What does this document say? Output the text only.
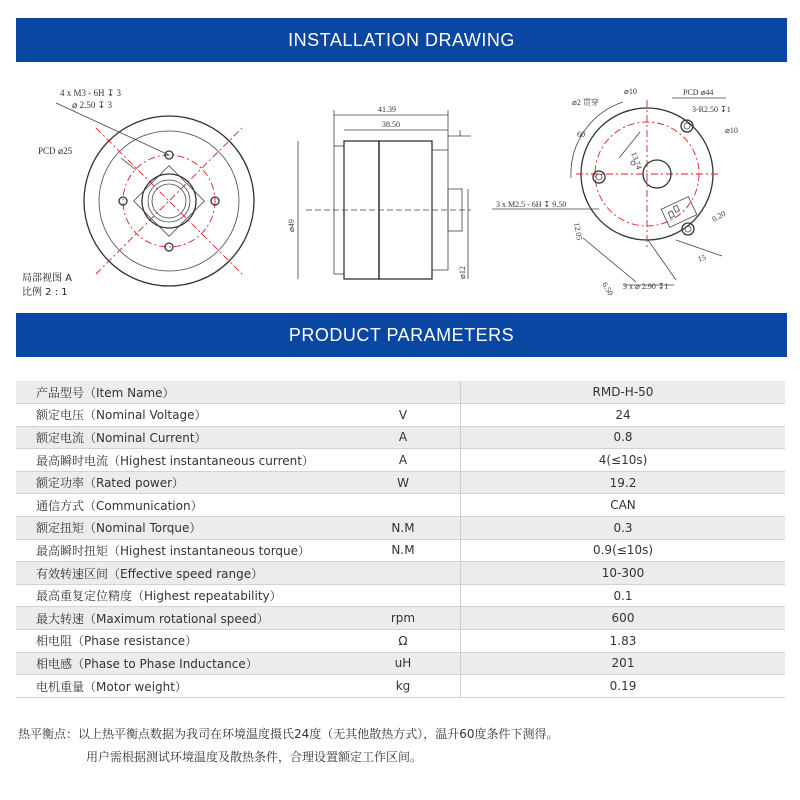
INSTALLATION DRAWING
4 x M3 - 6H ↧ 3
⌀ 2.50 ↧ 3
PCD ⌀25
41.39
38.50
1
⌀49
⌀12
PCD ⌀44
⌀2 贯穿
⌀10
⌀10
3-R2.50 ↧1
60
13.74
3 x M2.5 - 6H ↧ 9.50
12.05
0.20
15
6.50 3 x ⌀ 2.90 ↧1
局部视图 A
比例 2 : 1
PRODUCT PARAMETERS
产品型号（Item Name）		RMD-H-50
额定电压（Nominal Voltage）	V	24
额定电流（Nominal Current）	A	0.8
最高瞬时电流（Highest instantaneous current）	A	4(≤10s)
额定功率（Rated power）	W	19.2
通信方式（Communication）		CAN
额定扭矩（Nominal Torque）	N.M	0.3
最高瞬时扭矩（Highest instantaneous torque）	N.M	0.9(≤10s)
有效转速区间（Effective speed range）		10-300
最高重复定位精度（Highest repeatability）		0.1
最大转速（Maximum rotational speed）	rpm	600
相电阻（Phase resistance）	Ω	1.83
相电感（Phase to Phase Inductance）	uH	201
电机重量（Motor weight）	kg	0.19
热平衡点：以上热平衡点数据为我司在环境温度摄氏24度（无其他散热方式），温升60度条件下测得。
用户需根据测试环境温度及散热条件，合理设置额定工作区间。
